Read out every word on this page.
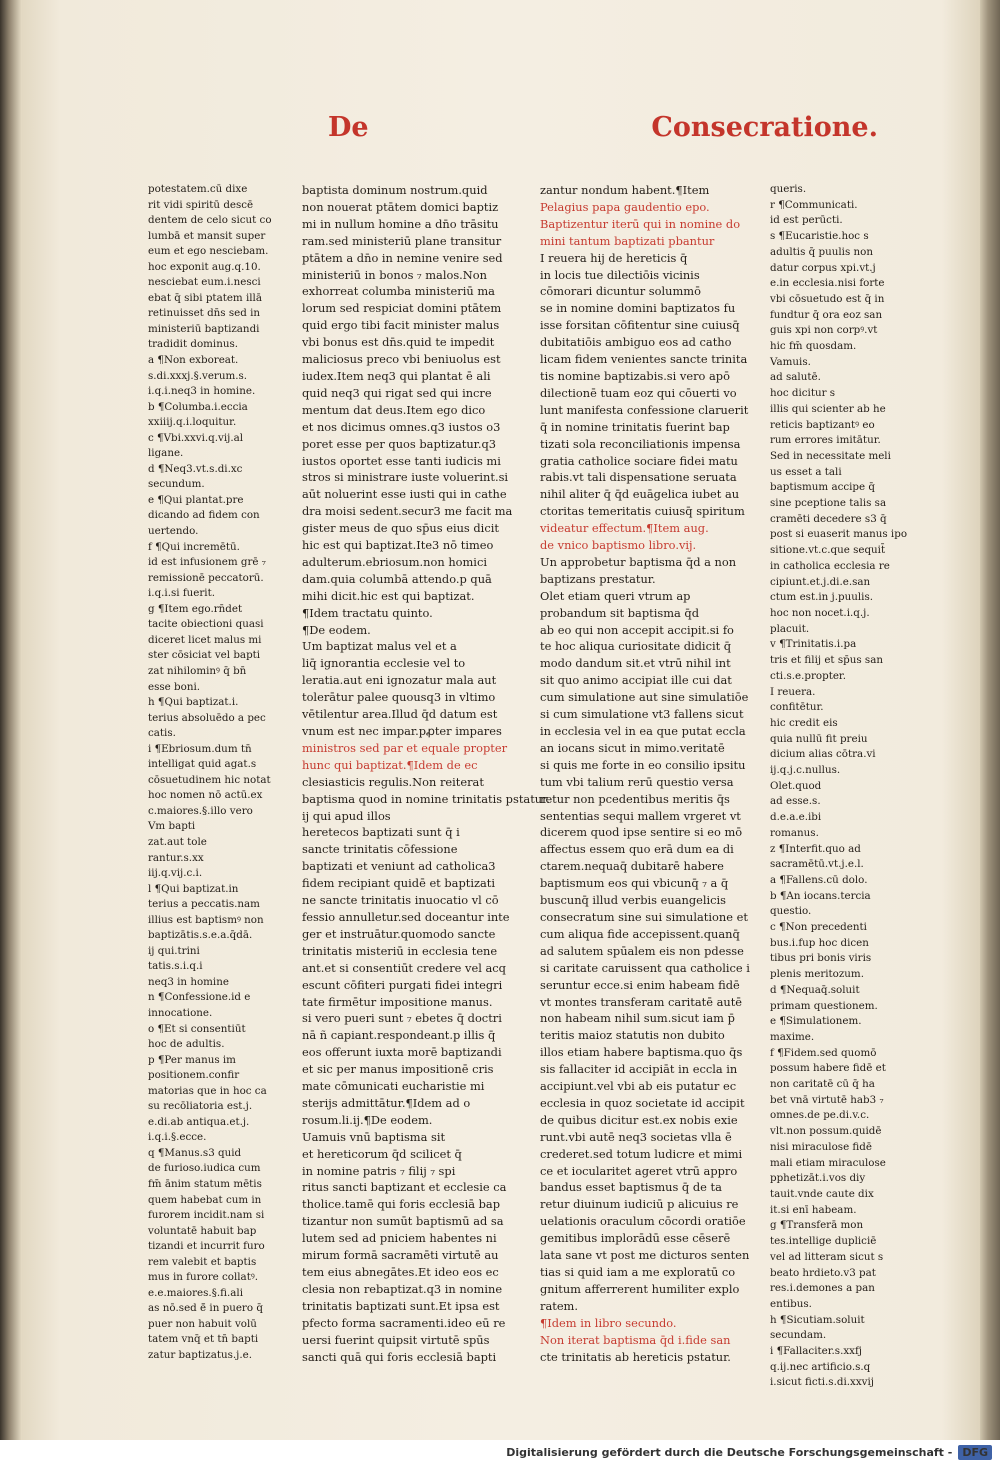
De	Consecratione.

potestatem.cū dixe

rit vidi spiritū descē

dentem de celo sicut co

lumbā et mansit super

eum et ego nesciebam.

hoc exponit aug.q.10.

nesciebat eum.i.nesci

ebat q̄ sibi ptatem illā

retinuisset dn̄s sed in

ministeriū baptizandi

tradidit dominus.

a ¶Non exboreat.

s.di.xxxj.§.verum.s.

i.q.i.neq3 in homine.

b ¶Columba.i.eccia

xxiiij.q.i.loquitur.

c ¶Vbi.xxvi.q.vij.al

ligane.

d ¶Neq3.vt.s.di.xc

secundum.

e ¶Qui plantat.pre

dicando ad fidem con

uertendo.

f ¶Qui incremētū.

id est infusionem grē ₇

remissionē peccatorū.

i.q.i.si fuerit.

g ¶Item ego.rn̄det

tacite obiectioni quasi

diceret licet malus mi

ster cōsiciat vel bapti

zat nihilominꝰ q̄ bn̄

esse boni.

h ¶Qui baptizat.i.

terius absoluēdo a pec

catis.

i ¶Ebriosum.dum tn̄

intelligat quid agat.s

cōsuetudinem hic notat

hoc nomen nō actū.ex

c.maiores.§.illo vero

Vm bapti

zat.aut tole

rantur.s.xx

iij.q.vij.c.i.

l ¶Qui baptizat.in

terius a peccatis.nam

illius est baptismꝰ non

baptizātis.s.e.a.q̄dā.

ij qui.trini

tatis.s.i.q.i

neq3 in homine

n ¶Confessione.id e

innocatione.

o ¶Et si consentiūt

hoc de adultis.

p ¶Per manus im

positionem.confir

matorias que in hoc ca

su recōliatoria est.j.

e.di.ab antiqua.et.j.

i.q.i.§.ecce.

q ¶Manus.s3 quid

de furioso.iudica cum

fm̄ ānim statum mētis

quem habebat cum in

furorem incidit.nam si

voluntatē habuit bap

tizandi et incurrit furo

rem valebit et baptis

mus in furore collatꝰ.

e.e.maiores.§.fi.ali

as nō.sed ē̄ in puero q̄

puer non habuit volū

tatem vnq̄ et tn̄ bapti

zatur baptizatus.j.e.

baptista dominum nostrum.quid

non nouerat ptātem domici baptiz

mi in nullum homine a dn̄o trāsitu

ram.sed ministeriū plane transitur

ptātem a dn̄o in nemine venire sed

ministeriū in bonos ₇ malos.Non

exhorreat columba ministeriū ma

lorum sed respiciat domini ptātem

quid ergo tibi facit minister malus

vbi bonus est dn̄s.quid te impedit

maliciosus preco vbi beniuolus est

iudex.Item neq3 qui plantat ē ali

quid neq3 qui rigat sed qui incre

mentum dat deus.Item ego dico

et nos dicimus omnes.q3 iustos o3

poret esse per quos baptizatur.q3

iustos oportet esse tanti iudicis mi

stros si ministrare iuste voluerint.si

aūt noluerint esse iusti qui in cathe

dra moisi sedent.secur3 me facit ma

gister meus de quo sp̄us eius dicit

hic est qui baptizat.Ite3 nō timeo

adulterum.ebriosum.non homici

dam.quia columbā attendo.p quā

mihi dicit.hic est qui baptizat.

¶Idem tractatu quinto.

¶De eodem.

Um baptizat malus vel et a

liq̄ ignorantia ecclesie vel to

leratia.aut eni ignozatur mala aut

tolerātur palee quousq3 in vltimo

vētilentur area.Illud q̄d datum est

vnum est nec impar.pꝓter impares

ministros sed par et equale propter

hunc qui baptizat.¶Idem de ec

clesiasticis regulis.Non reiterat

baptisma quod in nomine trinitatis pstatur.

ij qui apud illos

heretecos baptizati sunt q̄ i

sancte trinitatis cōfessione

baptizati et veniunt ad catholica3

fidem recipiant quidē et baptizati

ne sancte trinitatis inuocatio vl cō

fessio annulletur.sed doceantur inte

ger et instruātur.quomodo sancte

trinitatis misteriū in ecclesia tene

ant.et si consentiūt credere vel acq

escunt cōfiteri purgati fidei integri

tate firmētur impositione manus.

si vero pueri sunt ₇ ebetes q̄ doctri

nā ñ capiant.respondeant.p illis q̄

eos offerunt iuxta morē baptizandi

et sic per manus impositionē cris

mate cōmunicati eucharistie mi

sterijs admittātur.¶Idem ad o

rosum.li.ij.¶De eodem.

Uamuis vnū baptisma sit

et hereticorum q̄d scilicet q̄

in nomine patris ₇ filij ₇ spi

ritus sancti baptizant et ecclesie ca

tholice.tamē qui foris ecclesiā bap

tizantur non sumūt baptismū ad sa

lutem sed ad pniciem habentes ni

mirum formā sacramēti virtutē au

tem eius abnegātes.Et ideo eos ec

clesia non rebaptizat.q3 in nomine

trinitatis baptizati sunt.Et ipsa est

pfecto forma sacramenti.ideo eū re

uersi fuerint quipsit virtutē spūs

sancti quā qui foris ecclesiā bapti

zantur nondum habent.¶Item

Pelagius papa gaudentio epo.

Baptizentur iterū qui in nomine do

mini tantum baptizati pbantur

I reuera hij de hereticis q̄

in locis tue dilectiōis vicinis

cōmorari dicuntur solummō

se in nomine domini baptizatos fu

isse forsitan cōfitentur sine cuiusq̄

dubitatiōis ambiguo eos ad catho

licam fidem venientes sancte trinita

tis nomine baptizabis.si vero apō

dilectionē tuam eoz qui cōuerti vo

lunt manifesta confessione claruerit

q̄ in nomine trinitatis fuerint bap

tizati sola reconciliationis impensa

gratia catholice sociare fidei matu

rabis.vt tali dispensatione seruata

nihil aliter q̄ q̄d euāgelica iubet au

ctoritas temeritatis cuiusq̄ spiritum

videatur effectum.¶Item aug.

de vnico baptismo libro.vij.

Un approbetur baptisma q̄d a non

baptizans prestatur.

Olet etiam queri vtrum ap

probandum sit baptisma q̄d

ab eo qui non accepit accipit.si fo

te hoc aliqua curiositate didicit q̄

modo dandum sit.et vtrū nihil int

sit quo animo accipiat ille cui dat

cum simulatione aut sine simulatiōe

si cum simulatione vt3 fallens sicut

in ecclesia vel in ea que putat eccla

an iocans sicut in mimo.veritatē

si quis me forte in eo consilio ipsitu

tum vbi talium rerū questio versa

retur non pcedentibus meritis q̄s

sententias sequi mallem vrgeret vt

dicerem quod ipse sentire si eo mō

affectus essem quo erā dum ea di

ctarem.nequaq̄ dubitarē habere

baptismum eos qui vbicunq̄ ₇ a q̄

buscunq̄ illud verbis euangelicis

consecratum sine sui simulatione et

cum aliqua fide accepissent.quanq̄

ad salutem spūalem eis non pdesse

si caritate caruissent qua catholice i

seruntur ecce.si enim habeam fidē

vt montes transferam caritatē autē

non habeam nihil sum.sicut iam p̄

teritis maioz statutis non dubito

illos etiam habere baptisma.quo q̄s

sis fallaciter id accipiāt in eccla in

accipiunt.vel vbi ab eis putatur ec

ecclesia in quoz societate id accipit

de quibus dicitur est.ex nobis exie

runt.vbi autē neq3 societas vlla ē

crederet.sed totum ludicre et mimi

ce et iocularitet ageret vtrū appro

bandus esset baptismus q̄ de ta

retur diuinum iudiciū p alicuius re

uelationis oraculum cōcordi oratiōe

gemitibus implorādū esse cēserē

lata sane vt post me dicturos senten

tias si quid iam a me exploratū co

gnitum afferrerent humiliter explo

ratem.

¶Idem in libro secundo.

Non iterat baptisma q̄d i.fide san

cte trinitatis ab hereticis pstatur.

queris.

r ¶Communicati.

id est perūcti.

s ¶Eucaristie.hoc s

adultis q̄ puulis non

datur corpus xpi.vt.j

e.in ecclesia.nisi forte

vbi cōsuetudo est q̄ in

fundtur q̄ ora eoz san

guis xpi non corpꝰ.vt

hic fm̄ quosdam.

Vamuis.

ad salutē.

hoc dicitur s

illis qui scienter ab he

reticis baptizantꝰ eo

rum errores imitātur.

Sed in necessitate meli

us esset a tali

baptismum accipe q̄

sine pceptione talis sa

cramēti decedere s3 q̄

post si euaserit manus ipo

sitione.vt.c.que sequit̄

in catholica ecclesia re

cipiunt.et.j.di.e.san

ctum est.in j.puulis.

hoc non nocet.i.q.j.

placuit.

v ¶Trinitatis.i.pa

tris et filij et sp̄us san

cti.s.e.propter.

I reuera.

confitētur.

hic credit eis

quia nullū fit preiu

dicium alias cōtra.vi

ij.q.j.c.nullus.

Olet.quod

ad esse.s.

d.e.a.e.ibi

romanus.

z ¶Interfit.quo ad

sacramētū.vt.j.e.l.

a ¶Fallens.cū dolo.

b ¶An iocans.tercia

questio.

c ¶Non precedenti

bus.i.fup hoc dicen

tibus pri bonis viris

plenis meritozum.

d ¶Nequaq̄.soluit

primam questionem.

e ¶Simulationem.

maxime.

f ¶Fidem.sed quomō

possum habere fidē et

non caritatē cū q̄ ha

bet vnā virtutē hab3 ₇

omnes.de pe.di.v.c.

vlt.non possum.quidē

nisi miraculose fidē

mali etiam miraculose

pphetizāt.i.vos diy

tauit.vnde caute dix

it.si enī habeam.

g ¶Transferā mon

tes.intellige dupliciē

vel ad litteram sicut s

beato hrdieto.v3 pat

res.i.demones a pan

entibus.

h ¶Sicutiam.soluit

secundam.

i ¶Fallaciter.s.xxfj

q.ij.nec artificio.s.q

i.sicut ficti.s.di.xxvij

Digitalisierung gefördert durch die Deutsche Forschungsgemeinschaft - DFG
